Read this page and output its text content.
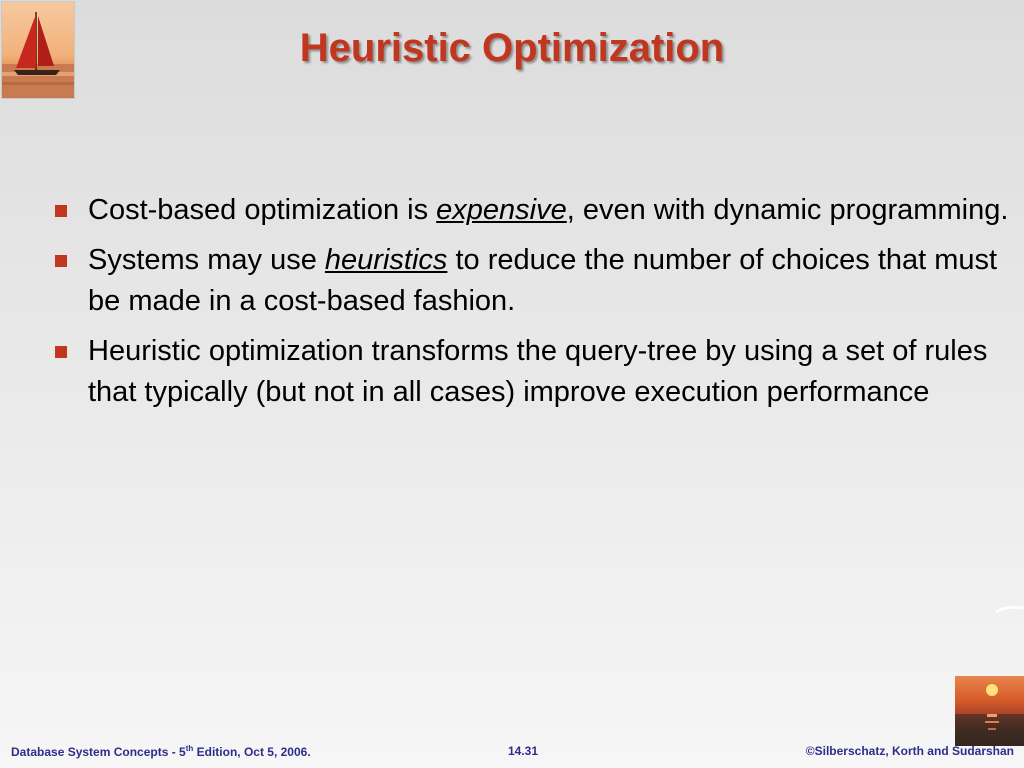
Heuristic Optimization
Cost-based optimization is expensive, even with dynamic programming.
Systems may use heuristics to reduce the number of choices that must be made in a cost-based fashion.
Heuristic optimization transforms the query-tree by using a set of rules that typically (but not in all cases) improve execution performance
Database System Concepts - 5th Edition, Oct 5, 2006.	14.31	©Silberschatz, Korth and Sudarshan
